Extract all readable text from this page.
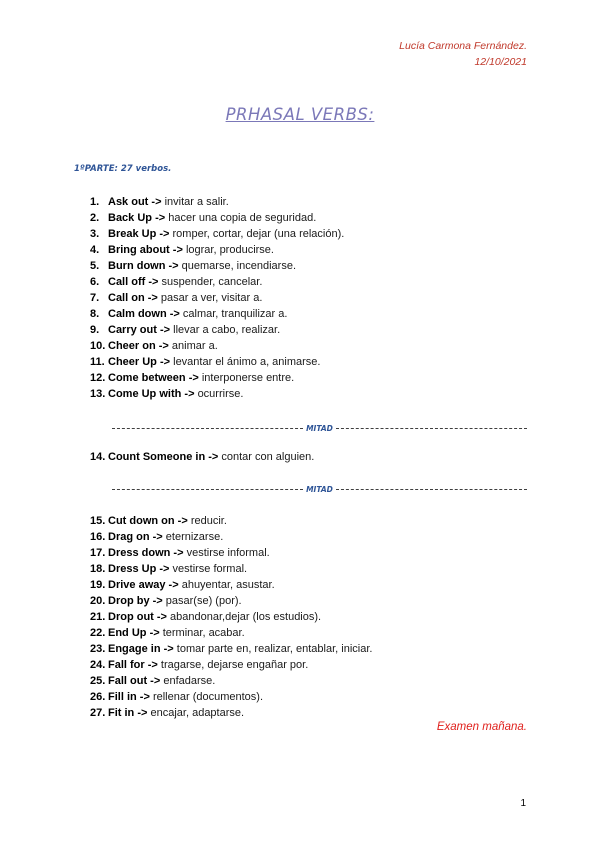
Lucía Carmona Fernández.
12/10/2021
PRHASAL VERBS:
1ºPARTE: 27 verbos.
1. Ask out -> invitar a salir.
2. Back Up -> hacer una copia de seguridad.
3. Break Up -> romper, cortar, dejar (una relación).
4. Bring about -> lograr, producirse.
5. Burn down -> quemarse, incendiarse.
6. Call off -> suspender, cancelar.
7. Call on -> pasar a ver, visitar a.
8. Calm down -> calmar, tranquilizar a.
9. Carry out -> llevar a cabo, realizar.
10. Cheer on -> animar a.
11. Cheer Up -> levantar el ánimo a, animarse.
12. Come between -> interponerse entre.
13. Come Up with -> ocurrirse.
MITAD
14. Count Someone in -> contar con alguien.
MITAD
15. Cut down on -> reducir.
16. Drag on -> eternizarse.
17. Dress down -> vestirse informal.
18. Dress Up -> vestirse formal.
19. Drive away -> ahuyentar, asustar.
20. Drop by -> pasar(se) (por).
21. Drop out -> abandonar,dejar (los estudios).
22. End Up -> terminar, acabar.
23. Engage in -> tomar parte en, realizar, entablar, iniciar.
24. Fall for -> tragarse, dejarse engañar por.
25. Fall out -> enfadarse.
26. Fill in -> rellenar (documentos).
27. Fit in -> encajar, adaptarse.
Examen mañana.
1
